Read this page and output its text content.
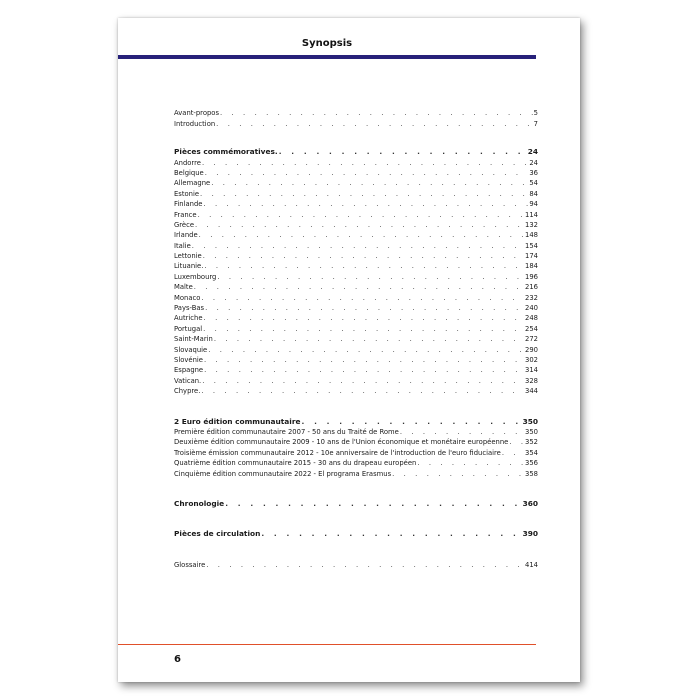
Synopsis
Avant-propos . . .	5
Introduction . . .	7
Pièces commémoratives. . . .	24
Andorre . . .	24
Belgique . . .	36
Allemagne . . .	54
Estonie . . .	84
Finlande . . .	94
France . . .	114
Grèce . . .	132
Irlande . . .	148
Italie . . .	154
Lettonie . . .	174
Lituanie. . . .	184
Luxembourg . . .	196
Malte . . .	216
Monaco . . .	232
Pays-Bas . . .	240
Autriche . . .	248
Portugal . . .	254
Saint-Marin . . .	272
Slovaquie . . .	290
Slovénie . . .	302
Espagne . . .	314
Vatican. . . .	328
Chypre. . . .	344
2 Euro édition communautaire . . .	350
Première édition communautaire 2007 - 50 ans du Traité de Rome . . .	350
Deuxième édition communautaire 2009 - 10 ans de l'Union économique et monétaire européenne . . . 352
Troisième émission communautaire 2012 - 10e anniversaire de l'introduction de l'euro fiduciaire . . .	354
Quatrième édition communautaire 2015 - 30 ans du drapeau européen . . .	356
Cinquième édition communautaire 2022 - El programa Erasmus . . .	358
Chronologie . . .	360
Pièces de circulation . . .	390
Glossaire . . .	414
6
